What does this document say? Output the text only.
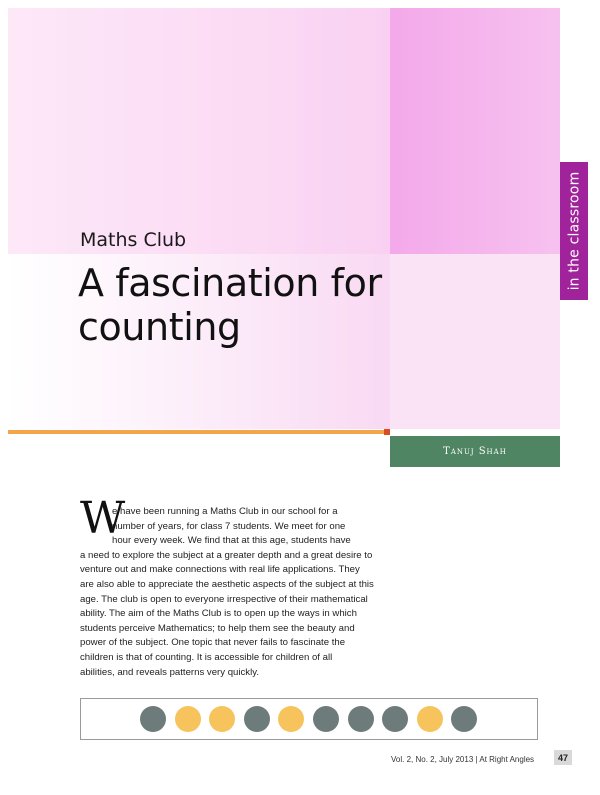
in the classroom
Maths Club
A fascination for counting
Tanuj Shah
W
e have been running a Maths Club in our school for a
number of years, for class 7 students. We meet for one
hour every week. We find that at this age, students have
a need to explore the subject at a greater depth and a great desire to
venture out and make connections with real life applications. They
are also able to appreciate the aesthetic aspects of the subject at this
age. The club is open to everyone irrespective of their mathematical
ability. The aim of the Maths Club is to open up the ways in which
students perceive Mathematics; to help them see the beauty and
power of the subject. One topic that never fails to fascinate the
children is that of counting. It is accessible for children of all
abilities, and reveals patterns very quickly.
Vol. 2, No. 2, July 2013 | At Right Angles	47
